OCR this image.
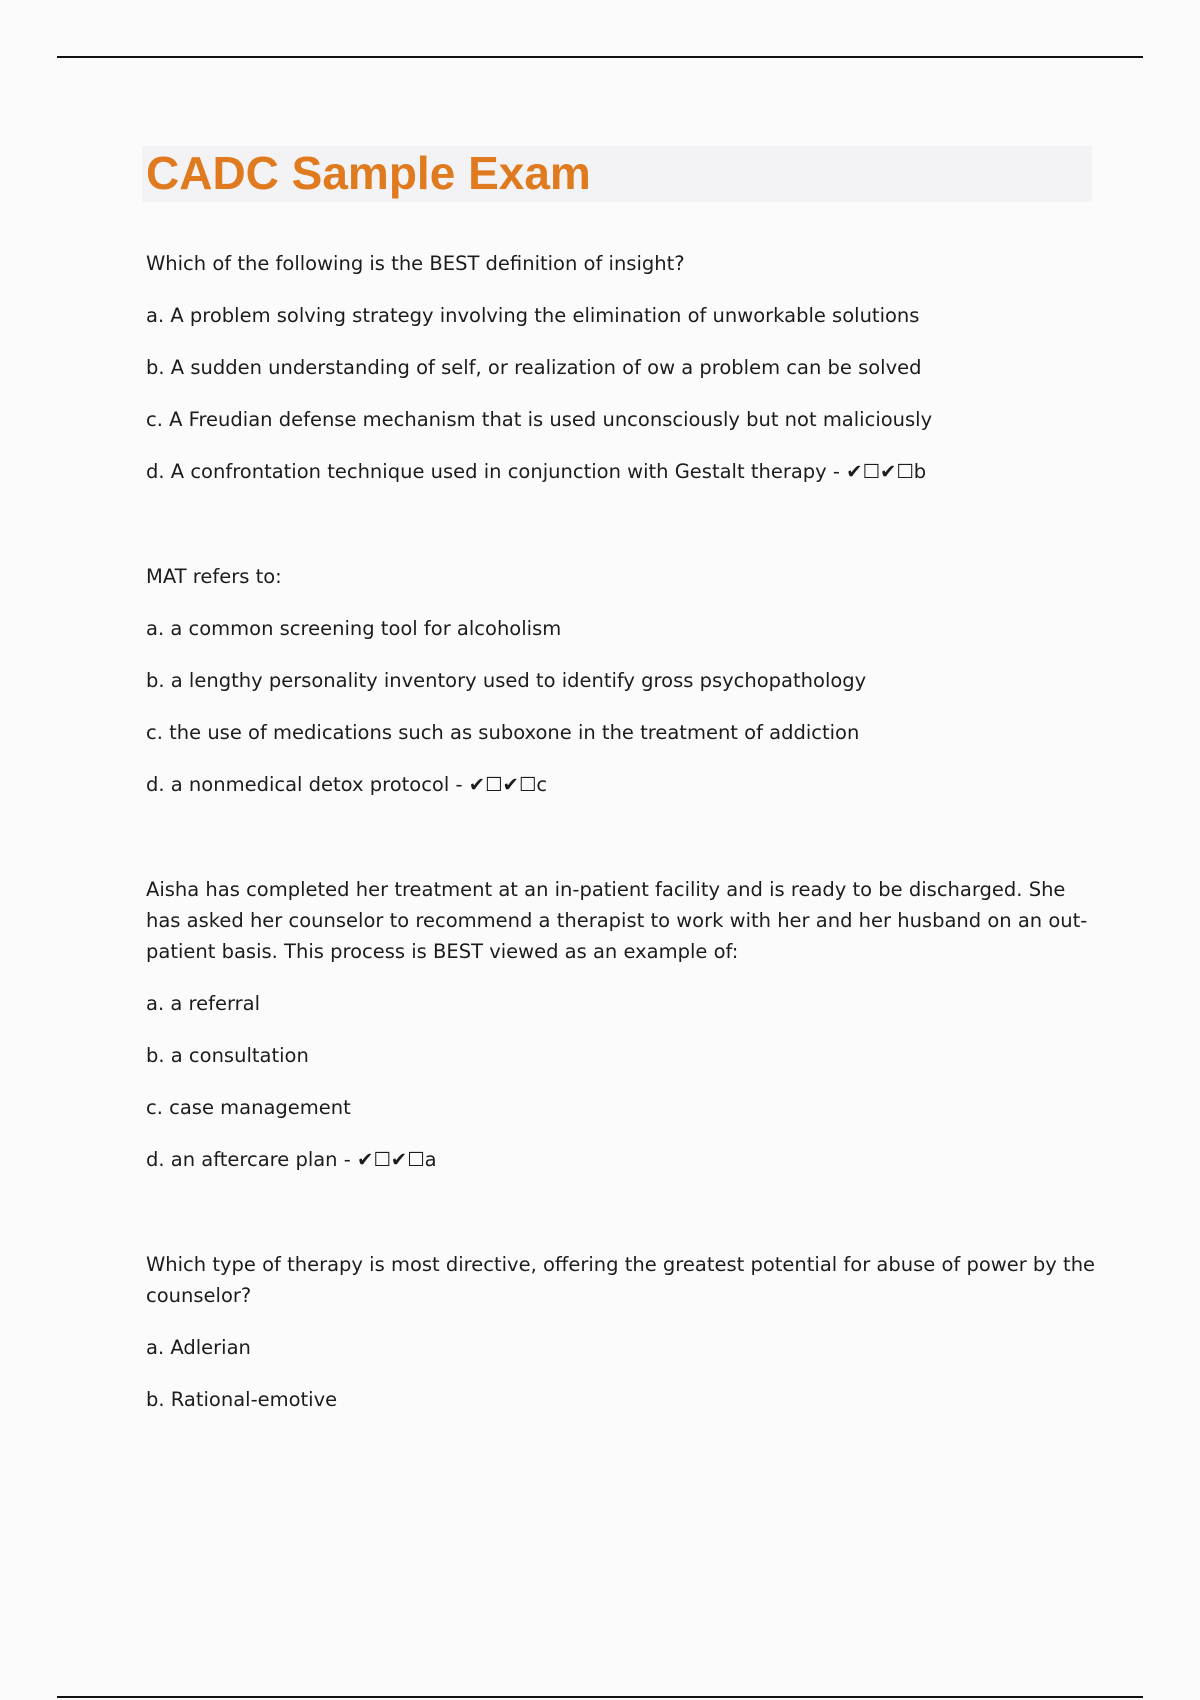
CADC Sample Exam

Which of the following is the BEST definition of insight?

a. A problem solving strategy involving the elimination of unworkable solutions

b. A sudden understanding of self, or realization of ow a problem can be solved

c. A Freudian defense mechanism that is used unconsciously but not maliciously

d. A confrontation technique used in conjunction with Gestalt therapy - ✔☐✔☐b

MAT refers to:

a. a common screening tool for alcoholism

b. a lengthy personality inventory used to identify gross psychopathology

c. the use of medications such as suboxone in the treatment of addiction

d. a nonmedical detox protocol - ✔☐✔☐c

Aisha has completed her treatment at an in-patient facility and is ready to be discharged. She has asked her counselor to recommend a therapist to work with her and her husband on an out-patient basis. This process is BEST viewed as an example of:

a. a referral

b. a consultation

c. case management

d. an aftercare plan - ✔☐✔☐a

Which type of therapy is most directive, offering the greatest potential for abuse of power by the counselor?

a. Adlerian

b. Rational-emotive
